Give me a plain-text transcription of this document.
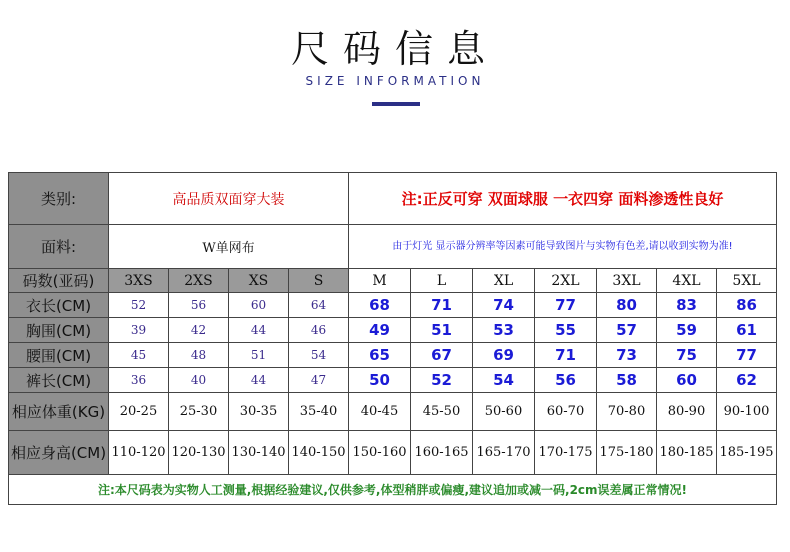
尺码信息
SIZE INFORMATION
类别:	高品质双面穿大装				注:正反可穿 双面球服 一衣四穿 面料渗透性良好						
面料:	W单网布				由于灯光 显示器分辨率等因素可能导致图片与实物有色差,请以收到实物为准!						
码数(亚码)	3XS	2XS	XS	S	M	L	XL	2XL	3XL	4XL	5XL
衣长(CM)	52	56	60	64	68	71	74	77	80	83	86
胸围(CM)	39	42	44	46	49	51	53	55	57	59	61
腰围(CM)	45	48	51	54	65	67	69	71	73	75	77
裤长(CM)	36	40	44	47	50	52	54	56	58	60	62
相应体重(KG)	20-25	25-30	30-35	35-40	40-45	45-50	50-60	60-70	70-80	80-90	90-100
相应身高(CM)	110-120	120-130	130-140	140-150	150-160	160-165	165-170	170-175	175-180	180-185	185-195
注:本尺码表为实物人工测量,根据经验建议,仅供参考,体型稍胖或偏瘦,建议追加或减一码,2cm误差属正常情况!											
